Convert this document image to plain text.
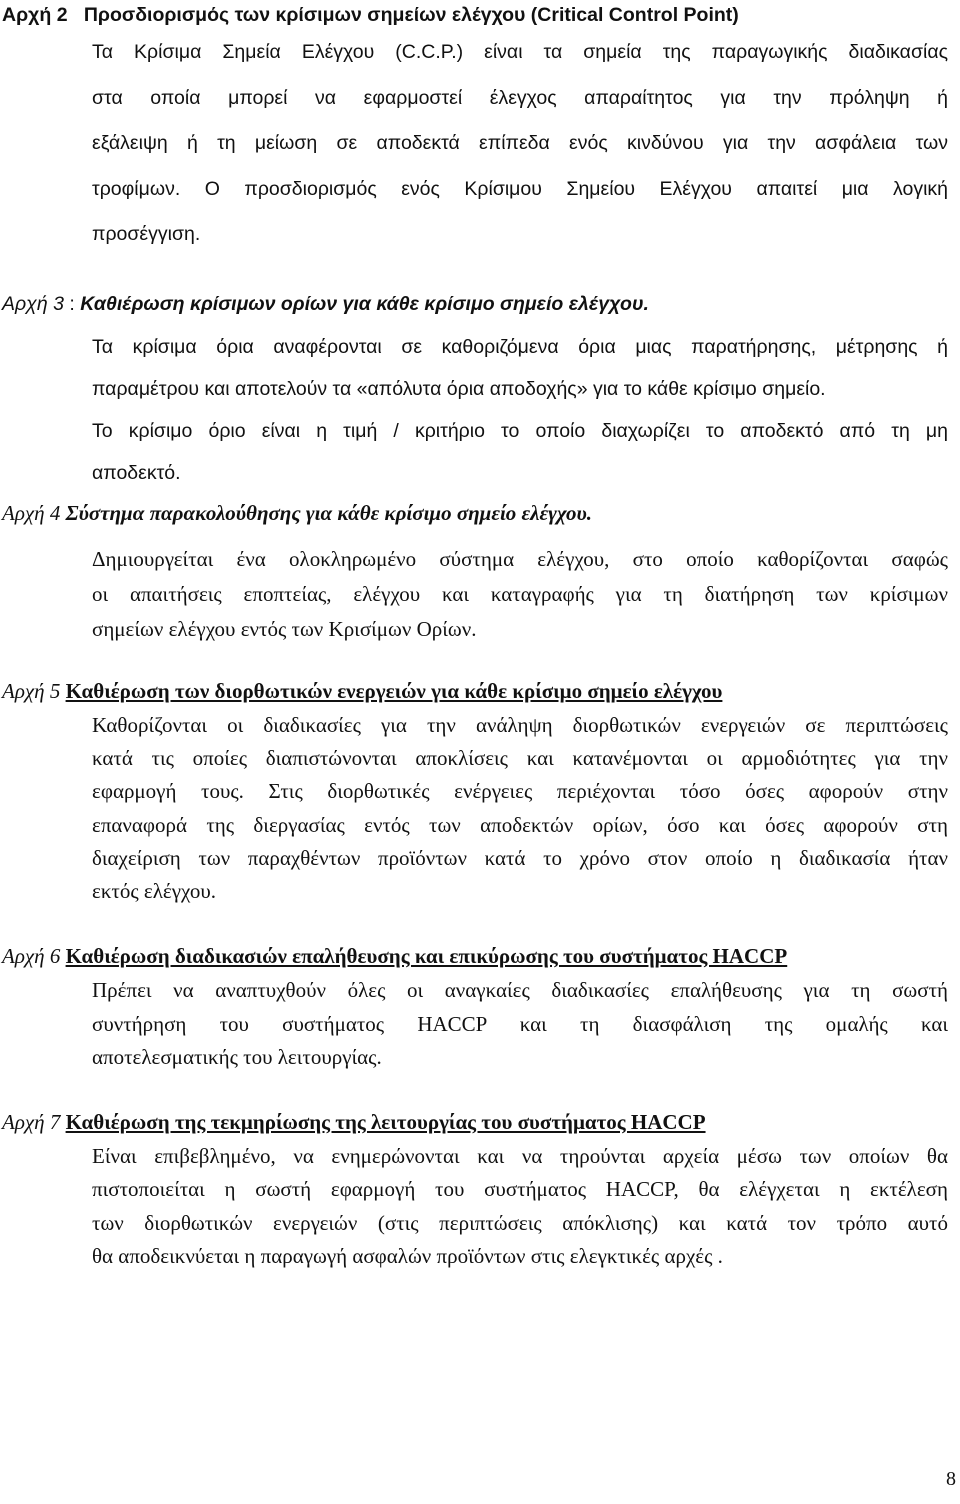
Αρχή 2 Προσδιορισμός των κρίσιμων σημείων ελέγχου (Critical Control Point)
Τα Κρίσιμα Σημεία Ελέγχου (C.C.P.) είναι τα σημεία της παραγωγικής διαδικασίας
στα οποία μπορεί να εφαρμοστεί έλεγχος απαραίτητος για την πρόληψη ή
εξάλειψη ή τη μείωση σε αποδεκτά επίπεδα ενός κινδύνου για την ασφάλεια των
τροφίμων. Ο προσδιορισμός ενός Κρίσιμου Σημείου Ελέγχου απαιτεί μια λογική
προσέγγιση.
Αρχή 3 : Καθιέρωση κρίσιμων ορίων για κάθε κρίσιμο σημείο ελέγχου.
Τα κρίσιμα όρια αναφέρονται σε καθοριζόμενα όρια μιας παρατήρησης, μέτρησης ή
παραμέτρου και αποτελούν τα «απόλυτα όρια αποδοχής» για το κάθε κρίσιμο σημείο.
Το κρίσιμο όριο είναι η τιμή / κριτήριο το οποίο διαχωρίζει το αποδεκτό από τη μη
αποδεκτό.
Αρχή 4 Σύστημα παρακολούθησης για κάθε κρίσιμο σημείο ελέγχου.
Δημιουργείται ένα ολοκληρωμένο σύστημα ελέγχου, στο οποίο καθορίζονται σαφώς
οι απαιτήσεις εποπτείας, ελέγχου και καταγραφής για τη διατήρηση των κρίσιμων
σημείων ελέγχου εντός των Κρισίμων Ορίων.
Αρχή 5 Καθιέρωση των διορθωτικών ενεργειών για κάθε κρίσιμο σημείο ελέγχου
Καθορίζονται οι διαδικασίες για την ανάληψη διορθωτικών ενεργειών σε περιπτώσεις
κατά τις οποίες διαπιστώνονται αποκλίσεις και κατανέμονται οι αρμοδιότητες για την
εφαρμογή τους. Στις διορθωτικές ενέργειες περιέχονται τόσο όσες αφορούν στην
επαναφορά της διεργασίας εντός των αποδεκτών ορίων, όσο και όσες αφορούν στη
διαχείριση των παραχθέντων προϊόντων κατά το χρόνο στον οποίο η διαδικασία ήταν
εκτός ελέγχου.
Αρχή 6 Καθιέρωση διαδικασιών επαλήθευσης και επικύρωσης του συστήματος HACCP
Πρέπει να αναπτυχθούν όλες οι αναγκαίες διαδικασίες επαλήθευσης για τη σωστή
συντήρηση του συστήματος HACCP και τη διασφάλιση της ομαλής και
αποτελεσματικής του λειτουργίας.
Αρχή 7 Καθιέρωση της τεκμηρίωσης της λειτουργίας του συστήματος HACCP
Είναι επιβεβλημένο, να ενημερώνονται και να τηρούνται αρχεία μέσω των οποίων θα
πιστοποιείται η σωστή εφαρμογή του συστήματος HACCP, θα ελέγχεται η εκτέλεση
των διορθωτικών ενεργειών (στις περιπτώσεις απόκλισης) και κατά τον τρόπο αυτό
θα αποδεικνύεται η παραγωγή ασφαλών προϊόντων στις ελεγκτικές αρχές .
8
